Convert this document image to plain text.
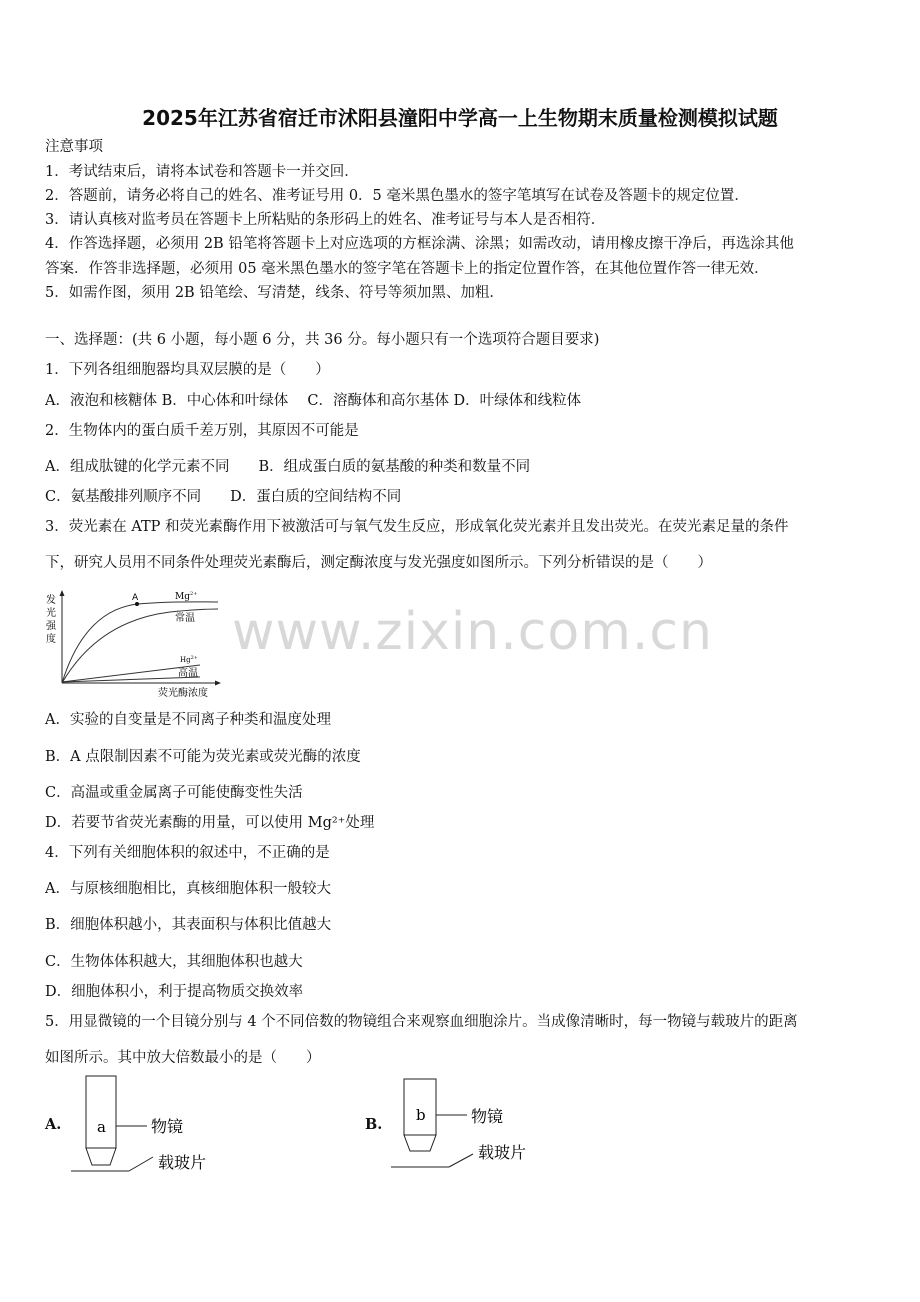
www.zixin.com.cn
2025年江苏省宿迁市沭阳县潼阳中学高一上生物期末质量检测模拟试题
注意事项
1．考试结束后，请将本试卷和答题卡一并交回．
2．答题前，请务必将自己的姓名、准考证号用 0．5 毫米黑色墨水的签字笔填写在试卷及答题卡的规定位置．
3．请认真核对监考员在答题卡上所粘贴的条形码上的姓名、准考证号与本人是否相符．
4．作答选择题，必须用 2B 铅笔将答题卡上对应选项的方框涂满、涂黑；如需改动，请用橡皮擦干净后，再选涂其他
答案．作答非选择题，必须用 05 毫米黑色墨水的签字笔在答题卡上的指定位置作答，在其他位置作答一律无效．
5．如需作图，须用 2B 铅笔绘、写清楚，线条、符号等须加黑、加粗．
一、选择题：(共 6 小题，每小题 6 分，共 36 分。每小题只有一个选项符合题目要求)
1．下列各组细胞器均具双层膜的是（　　）
A．液泡和核糖体 B．中心体和叶绿体　 C．溶酶体和高尔基体 D．叶绿体和线粒体
2．生物体内的蛋白质千差万别，其原因不可能是
A．组成肽键的化学元素不同　　B．组成蛋白质的氨基酸的种类和数量不同
C．氨基酸排列顺序不同　　D．蛋白质的空间结构不同
3．荧光素在 ATP 和荧光素酶作用下被激活可与氧气发生反应，形成氧化荧光素并且发出荧光。在荧光素足量的条件
下，研究人员用不同条件处理荧光素酶后，测定酶浓度与发光强度如图所示。下列分析错误的是（　　）
发
光
强
度
A	$Mg^{2+}$
常温
$Hg^{2+}$
高温
荧光酶浓度
A．实验的自变量是不同离子种类和温度处理
B．A 点限制因素不可能为荧光素或荧光酶的浓度
C．高温或重金属离子可能使酶变性失活
D．若要节省荧光素酶的用量，可以使用 Mg²⁺处理
4．下列有关细胞体积的叙述中，不正确的是
A．与原核细胞相比，真核细胞体积一般较大
B．细胞体积越小，其表面积与体积比值越大
C．生物体体积越大，其细胞体积也越大
D．细胞体积小，利于提高物质交换效率
5．用显微镜的一个目镜分别与 4 个不同倍数的物镜组合来观察血细胞涂片。当成像清晰时，每一物镜与载玻片的距离
如图所示。其中放大倍数最小的是（　　）
A. a	物镜
载玻片
B.
b	物镜
载玻片
